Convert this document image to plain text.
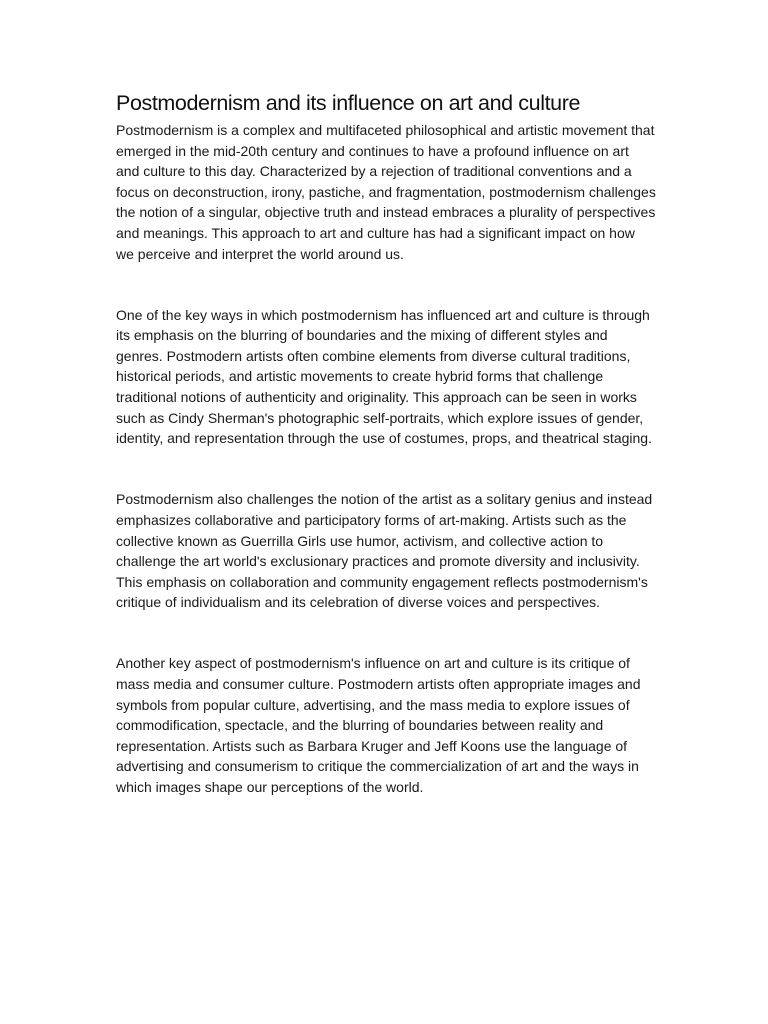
Postmodernism and its influence on art and culture

Postmodernism is a complex and multifaceted philosophical and artistic movement that emerged in the mid-20th century and continues to have a profound influence on art and culture to this day. Characterized by a rejection of traditional conventions and a focus on deconstruction, irony, pastiche, and fragmentation, postmodernism challenges the notion of a singular, objective truth and instead embraces a plurality of perspectives and meanings. This approach to art and culture has had a significant impact on how we perceive and interpret the world around us.

One of the key ways in which postmodernism has influenced art and culture is through its emphasis on the blurring of boundaries and the mixing of different styles and genres. Postmodern artists often combine elements from diverse cultural traditions, historical periods, and artistic movements to create hybrid forms that challenge traditional notions of authenticity and originality. This approach can be seen in works such as Cindy Sherman's photographic self-portraits, which explore issues of gender, identity, and representation through the use of costumes, props, and theatrical staging.

Postmodernism also challenges the notion of the artist as a solitary genius and instead emphasizes collaborative and participatory forms of art-making. Artists such as the collective known as Guerrilla Girls use humor, activism, and collective action to challenge the art world's exclusionary practices and promote diversity and inclusivity. This emphasis on collaboration and community engagement reflects postmodernism's critique of individualism and its celebration of diverse voices and perspectives.

Another key aspect of postmodernism's influence on art and culture is its critique of mass media and consumer culture. Postmodern artists often appropriate images and symbols from popular culture, advertising, and the mass media to explore issues of commodification, spectacle, and the blurring of boundaries between reality and representation. Artists such as Barbara Kruger and Jeff Koons use the language of advertising and consumerism to critique the commercialization of art and the ways in which images shape our perceptions of the world.
